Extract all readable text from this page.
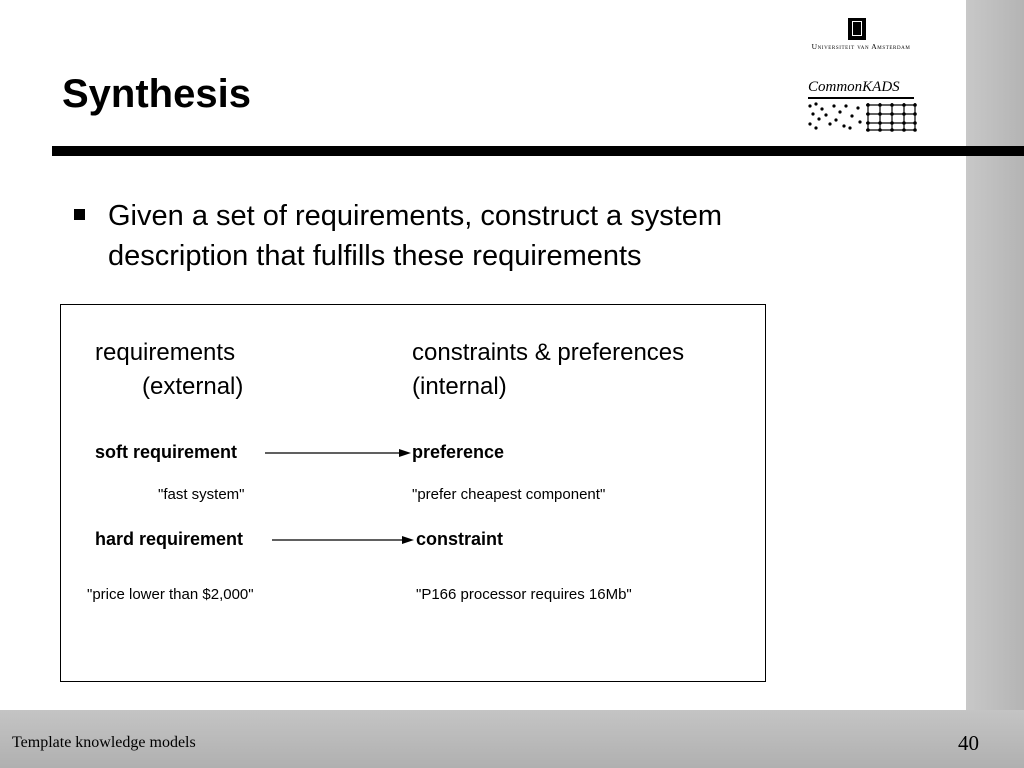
Synthesis
Universiteit van Amsterdam
CommonKADS
Given a set of requirements, construct a system description that fulfills these requirements
requirements
(external)
constraints & preferences
(internal)
soft requirement	preference
"fast system"	"prefer cheapest component"
hard requirement	constraint
"price lower than $2,000"	"P166 processor requires 16Mb"
Template knowledge models	40
